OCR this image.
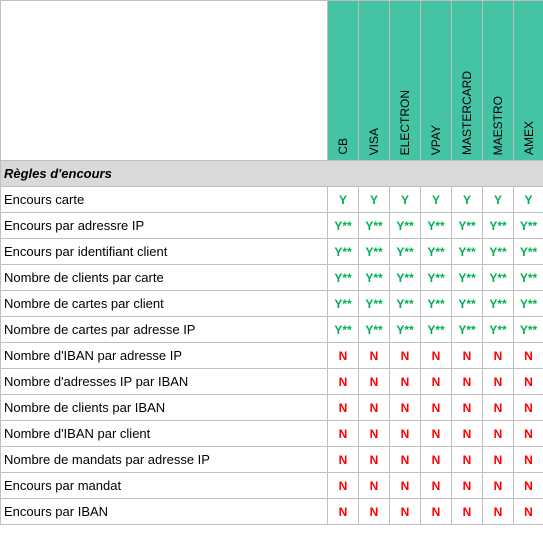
	CB	VISA	ELECTRON	VPAY	MASTERCARD	MAESTRO	AMEX
Règles d'encours							
Encours carte	Y	Y	Y	Y	Y	Y	Y
Encours par adressre IP	Y**	Y**	Y**	Y**	Y**	Y**	Y**
Encours par identifiant client	Y**	Y**	Y**	Y**	Y**	Y**	Y**
Nombre de clients par carte	Y**	Y**	Y**	Y**	Y**	Y**	Y**
Nombre de cartes par client	Y**	Y**	Y**	Y**	Y**	Y**	Y**
Nombre de cartes par adresse IP	Y**	Y**	Y**	Y**	Y**	Y**	Y**
Nombre d'IBAN par adresse IP	N	N	N	N	N	N	N
Nombre d'adresses IP par IBAN	N	N	N	N	N	N	N
Nombre de clients par IBAN	N	N	N	N	N	N	N
Nombre d'IBAN par client	N	N	N	N	N	N	N
Nombre de mandats par adresse IP	N	N	N	N	N	N	N
Encours par mandat	N	N	N	N	N	N	N
Encours par IBAN	N	N	N	N	N	N	N
